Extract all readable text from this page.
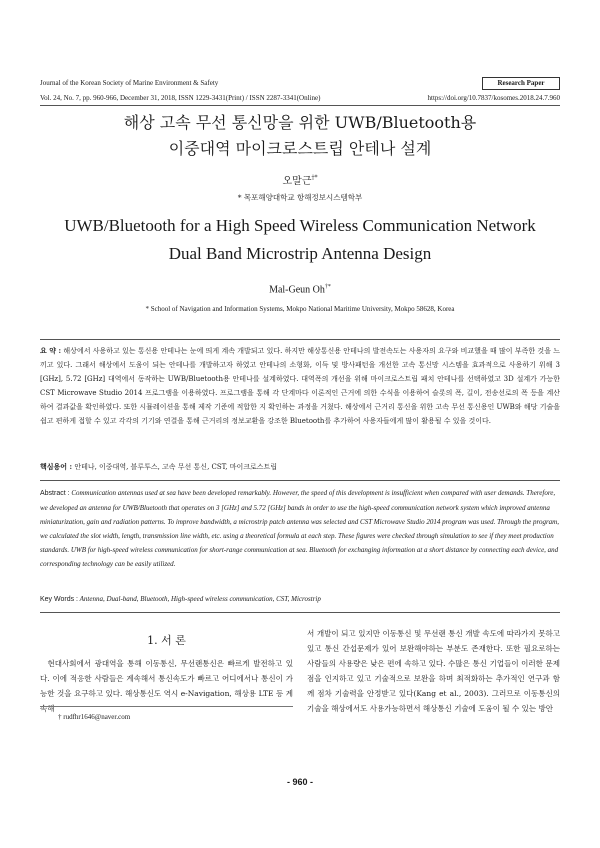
Journal of the Korean Society of Marine Environment & Safety	Research Paper
Vol. 24, No. 7, pp. 960-966, December 31, 2018, ISSN 1229-3431(Print) / ISSN 2287-3341(Online)	https://doi.org/10.7837/kosomes.2018.24.7.960
해상 고속 무선 통신망을 위한 UWB/Bluetooth용
이중대역 마이크로스트립 안테나 설계
오말근†*
* 목포해양대학교 항해정보시스템학부
UWB/Bluetooth for a High Speed Wireless Communication Network
Dual Band Microstrip Antenna Design
Mal-Geun Oh†*
* School of Navigation and Information Systems, Mokpo National Maritime University, Mokpo 58628, Korea
요 약 : 해상에서 사용하고 있는 통신용 안테나는 눈에 띄게 계속 개발되고 있다. 하지만 해상통신용 안테나의 발전속도는 사용자의 요구와 비교했을 때 많이 부족한 것을 느끼고 있다. 그래서 해상에서 도움이 되는 안테나를 개발하고자 하였고 안테나의 소형화, 이득 및 방사패턴을 개선한 고속 통신망 시스템을 효과적으로 사용하기 위해 3 [GHz], 5.72 [GHz] 대역에서 동작하는 UWB/Bluetooth용 안테나를 설계하였다. 대역폭의 개선을 위해 마이크로스트립 패치 안테나를 선택하였고 3D 설계가 가능한 CST Microwave Studio 2014 프로그램을 이용하였다. 프로그램을 통해 각 단계마다 이론적인 근거에 의한 수식을 이용하여 슬롯의 폭, 길이, 전송선로의 폭 등을 계산하여 결과값을 확인하였다. 또한 시뮬레이션을 통해 제작 기준에 적합한 지 확인하는 과정을 거쳤다. 해상에서 근거리 통신을 위한 고속 무선 통신용인 UWB와 해당 기술을 쉽고 편하게 접할 수 있고 각각의 기기와 연결을 통해 근거리의 정보교환을 강조한 Bluetooth를 추가하여 사용자들에게 많이 활용될 수 있을 것이다.
핵심용어 : 안테나, 이중대역, 블루투스, 고속 무선 통신, CST, 마이크로스트립
Abstract : Communication antennas used at sea have been developed remarkably. However, the speed of this development is insufficient when compared with user demands. Therefore, we developed an antenna for UWB/Bluetooth that operates on 3 [GHz] and 5.72 [GHz] bands in order to use the high-speed communication network system which improved antenna miniaturization, gain and radiation patterns. To improve bandwidth, a microstrip patch antenna was selected and CST Microwave Studio 2014 program was used. Through the program, we calculated the slot width, length, transmission line width, etc. using a theoretical formula at each step. These figures were checked through simulation to see if they meet production standards. UWB for high-speed wireless communication for short-range communication at sea. Bluetooth for exchanging information at a short distance by connecting each device, and corresponding technology can be easily utilized.
Key Words : Antenna, Dual-band, Bluetooth, High-speed wireless communication, CST, Microstrip
1. 서 론
현대사회에서 광대역을 통해 이동통신, 무선랜통신은 빠르게 발전하고 있다. 이에 적응한 사람들은 계속해서 통신속도가 빠르고 어디에서나 통신이 가능한 것을 요구하고 있다. 해상통신도 역시 e-Navigation, 해상용 LTE 등 계속해
서 개발이 되고 있지만 이동통신 및 무선랜 통신 개발 속도에 따라가지 못하고 있고 통신 간섭문제가 있어 보완해야하는 부분도 존재한다. 또한 필요로하는 사람들의 사용량은 낮은 편에 속하고 있다. 수많은 통신 기업들이 이러한 문제점을 인지하고 있고 기술적으로 보완을 하며 최적화하는 추가적인 연구과 함께 점차 기술력을 안정받고 있다(Kang et al., 2003). 그러므로 이동통신의 기술을 해상에서도 사용가능하면서 해상통신 기술에 도움이 될 수 있는 방안
† rudfhr1646@naver.com
- 960 -
